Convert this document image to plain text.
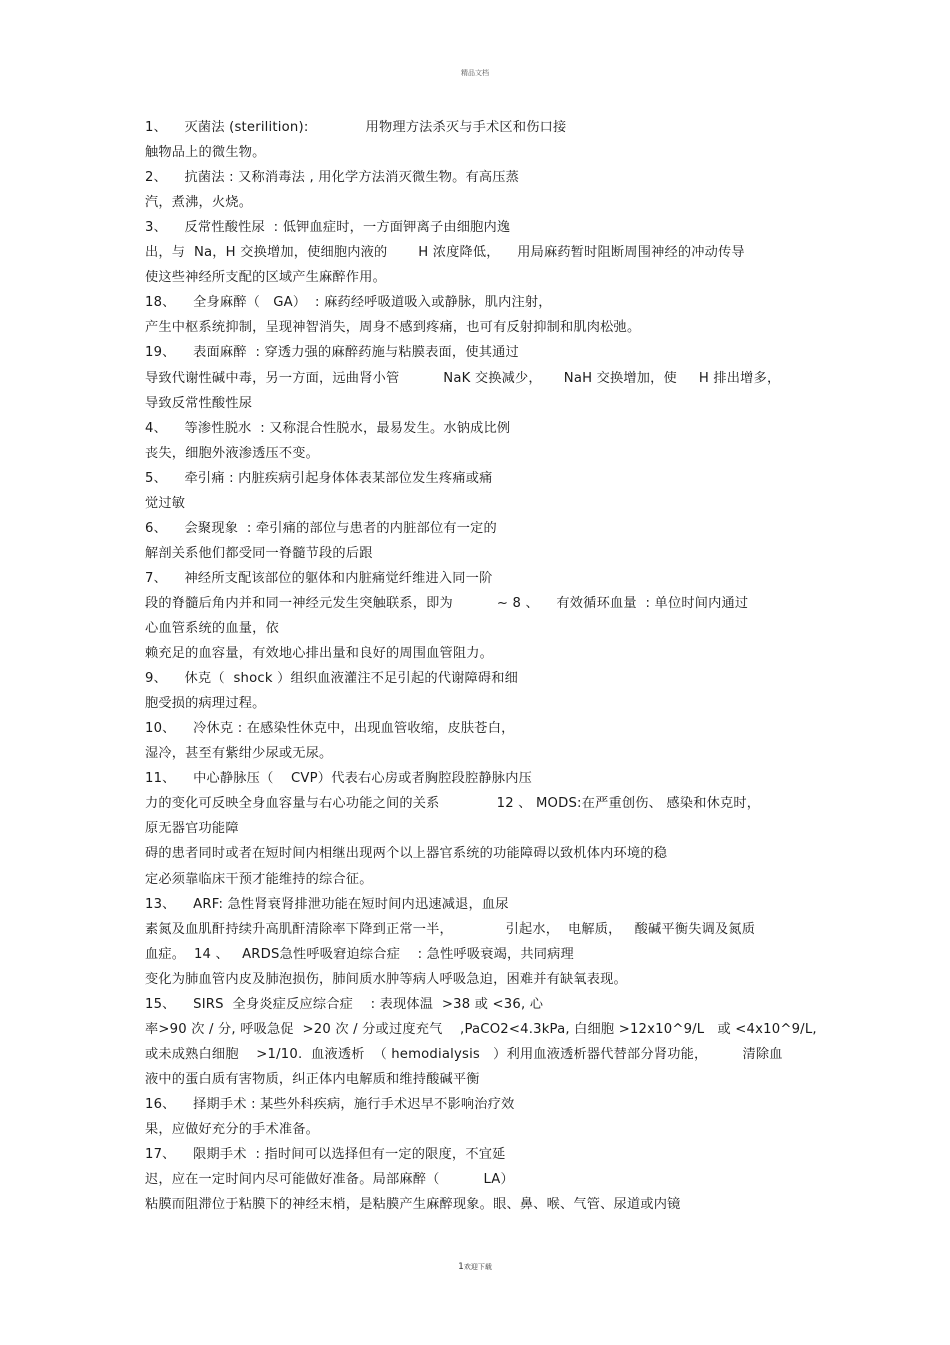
精品文档
1、    灭菌法 (sterilition):             用物理方法杀灭与手术区和伤口接
触物品上的微生物。
2、    抗菌法 : 又称消毒法 , 用化学方法消灭微生物。有高压蒸
汽，煮沸，火烧。
3、    反常性酸性尿  : 低钾血症时，一方面钾离子由细胞内逸
出，与  Na，H 交换增加，使细胞内液的       H 浓度降低，    用局麻药暂时阻断周围神经的冲动传导
使这些神经所支配的区域产生麻醉作用。
18、    全身麻醉（   GA）  : 麻药经呼吸道吸入或静脉，肌内注射，
产生中枢系统抑制，呈现神智消失，周身不感到疼痛，也可有反射抑制和肌肉松弛。
19、    表面麻醉  : 穿透力强的麻醉药施与粘膜表面，使其通过
导致代谢性碱中毒，另一方面，远曲肾小管          NaK 交换减少，     NaH 交换增加，使     H 排出增多，
导致反常性酸性尿
4、    等渗性脱水  : 又称混合性脱水，最易发生。水钠成比例
丧失，细胞外液渗透压不变。
5、    牵引痛 : 内脏疾病引起身体体表某部位发生疼痛或痛
觉过敏
6、    会聚现象  : 牵引痛的部位与患者的内脏部位有一定的
解剖关系他们都受同一脊髓节段的后跟
7、    神经所支配该部位的躯体和内脏痛觉纤维进入同一阶
段的脊髓后角内并和同一神经元发生突触联系，即为          ~ 8 、    有效循环血量  : 单位时间内通过
心血管系统的血量，依
赖充足的血容量，有效地心排出量和良好的周围血管阻力。
9、    休克（  shock ）组织血液灌注不足引起的代谢障碍和细
胞受损的病理过程。
10、    冷休克 : 在感染性休克中，出现血管收缩，皮肤苍白，
湿冷，甚至有紫绀少尿或无尿。
11、    中心静脉压（    CVP）代表右心房或者胸腔段腔静脉内压
力的变化可反映全身血容量与右心功能之间的关系             12 、 MODS:在严重创伤、 感染和休克时，
原无器官功能障
碍的患者同时或者在短时间内相继出现两个以上器官系统的功能障碍以致机体内环境的稳
定必须靠临床干预才能维持的综合征。
13、    ARF: 急性肾衰肾排泄功能在短时间内迅速减退，血尿
素氮及血肌酐持续升高肌酐清除率下降到正常一半，            引起水，  电解质，   酸碱平衡失调及氮质
血症。  14 、   ARDS急性呼吸窘迫综合症    : 急性呼吸衰竭，共同病理
变化为肺血管内皮及肺泡损伤，肺间质水肿等病人呼吸急迫，困难并有缺氧表现。
15、    SIRS  全身炎症反应综合症    : 表现体温  >38 或 <36, 心
率>90 次 / 分, 呼吸急促  >20 次 / 分或过度充气    ,PaCO2<4.3kPa, 白细胞 >12x10^9/L   或 <4x10^9/L,
或未成熟白细胞    >1/10.  血液透析  （ hemodialysis   ）利用血液透析器代替部分肾功能，        清除血
液中的蛋白质有害物质，纠正体内电解质和维持酸碱平衡
16、    择期手术 : 某些外科疾病，施行手术迟早不影响治疗效
果，应做好充分的手术准备。
17、    限期手术  : 指时间可以选择但有一定的限度，不宜延
迟，应在一定时间内尽可能做好准备。局部麻醉（          LA）
粘膜而阻滞位于粘膜下的神经末梢，是粘膜产生麻醉现象。眼、鼻、喉、气管、尿道或内镜
1欢迎下载
